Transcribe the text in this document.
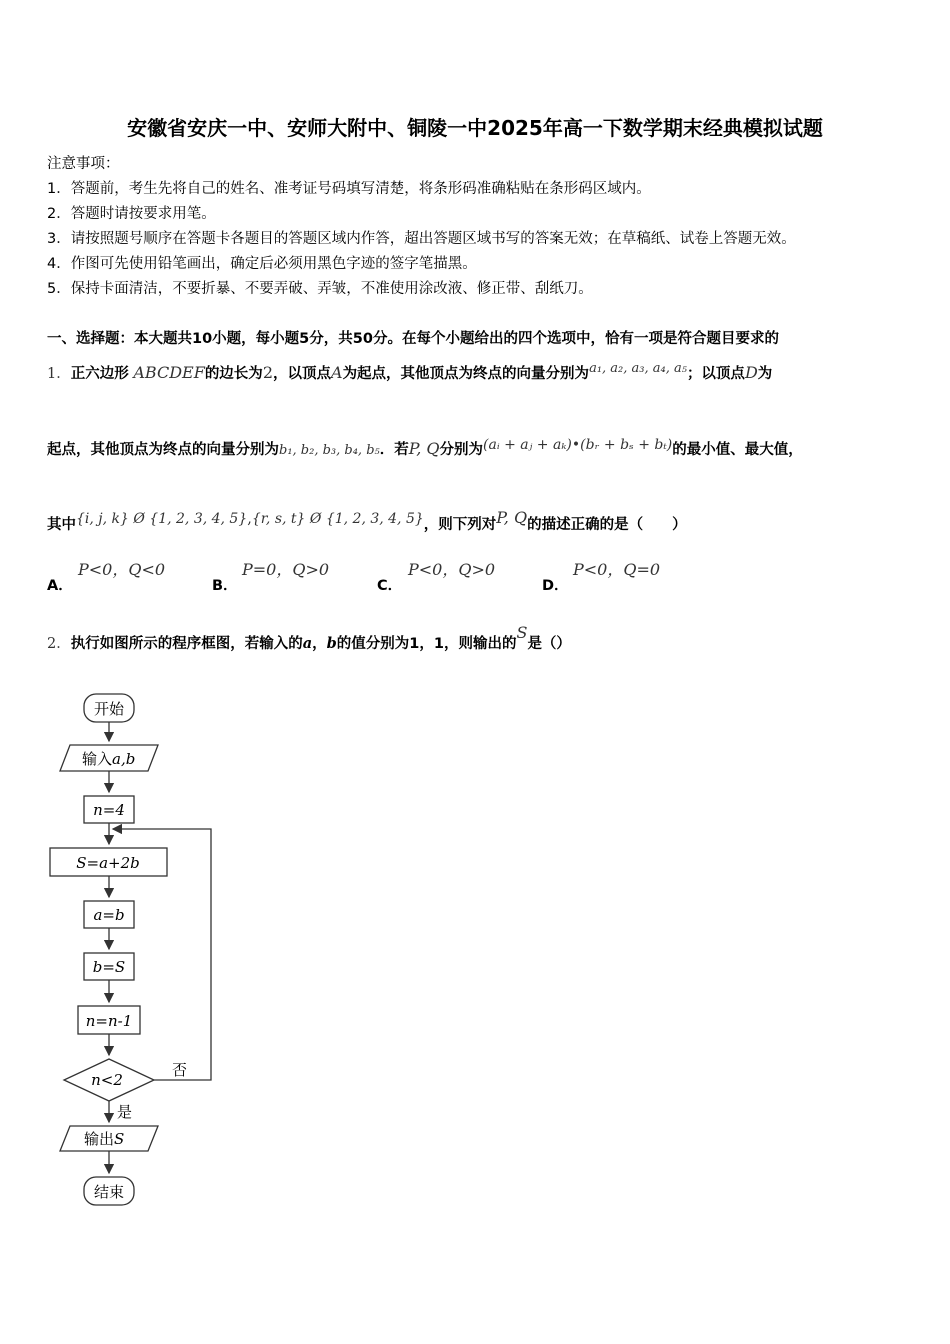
安徽省安庆一中、安师大附中、铜陵一中2025年高一下数学期末经典模拟试题
注意事项：
1．答题前，考生先将自己的姓名、准考证号码填写清楚，将条形码准确粘贴在条形码区域内。
2．答题时请按要求用笔。
3．请按照题号顺序在答题卡各题目的答题区域内作答，超出答题区域书写的答案无效；在草稿纸、试卷上答题无效。
4．作图可先使用铅笔画出，确定后必须用黑色字迹的签字笔描黑。
5．保持卡面清洁，不要折暴、不要弄破、弄皱，不准使用涂改液、修正带、刮纸刀。
一、选择题：本大题共10小题，每小题5分，共50分。在每个小题给出的四个选项中，恰有一项是符合题目要求的
1．正六边形 ABCDEF的边长为2，以顶点A为起点，其他顶点为终点的向量分别为a₁, a₂, a₃, a₄, a₅；以顶点D为
起点，其他顶点为终点的向量分别为b₁, b₂, b₃, b₄, b₅．若P, Q分别为(aᵢ + aⱼ + aₖ)•(bᵣ + bₛ + bₜ)的最小值、最大值，
其中{i, j, k} Ø {1, 2, 3, 4, 5},{r, s, t} Ø {1, 2, 3, 4, 5}，则下列对P, Q的描述正确的是（　　）
A．
P<0，Q<0
B．
P=0，Q>0
C．
P<0，Q>0
D．
P<0，Q=0
2．执行如图所示的程序框图，若输入的a，b的值分别为1，1，则输出的S是（）
开始
输入a,b
n=4
S=a+2b
a=b
b=S
n=n-1
n<2
否
是
输出S
结束
